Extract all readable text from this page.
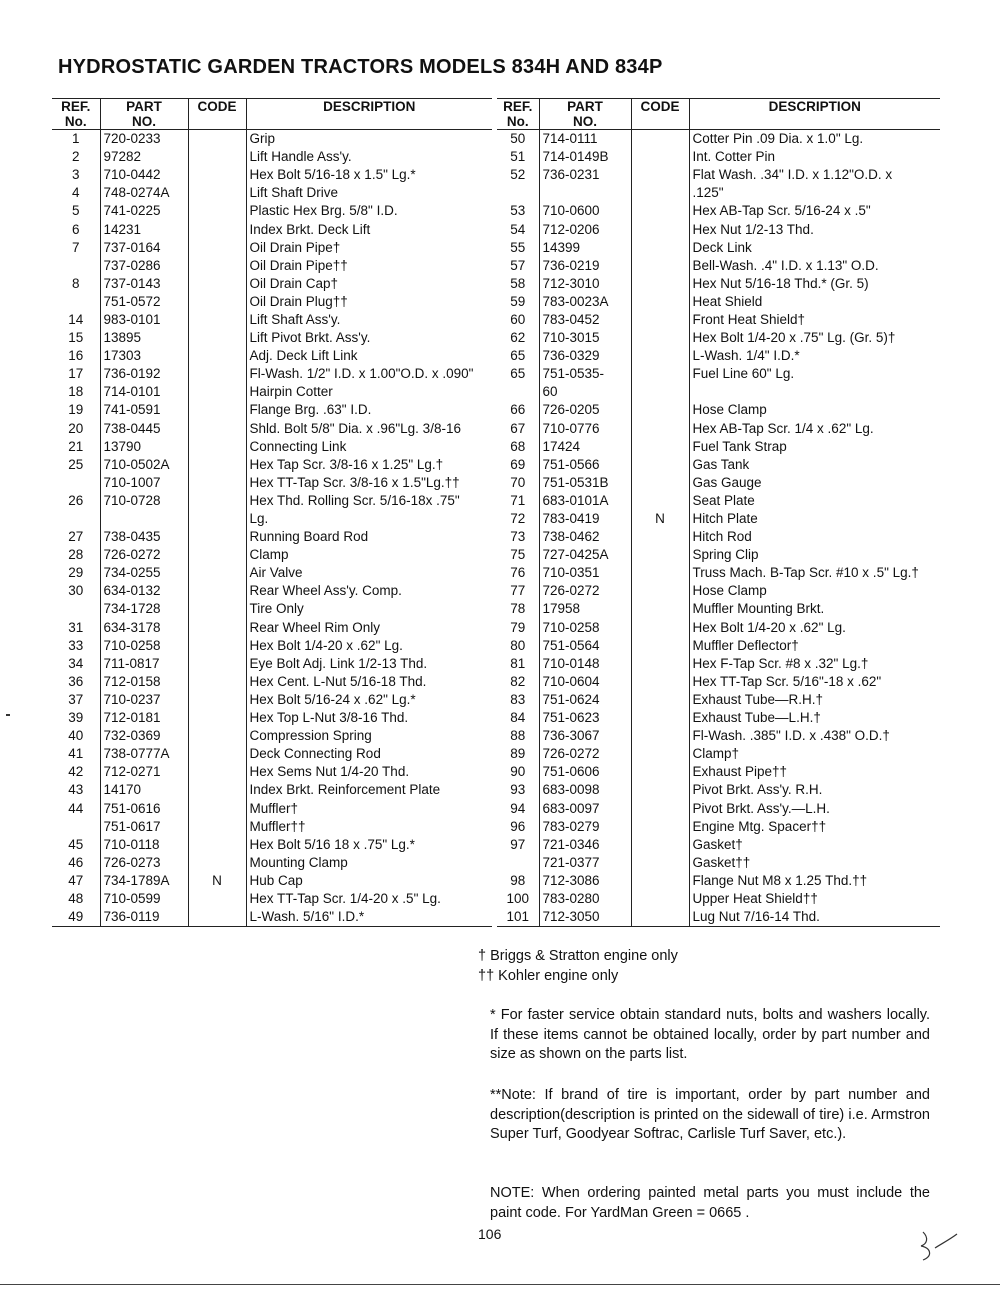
HYDROSTATIC GARDEN TRACTORS MODELS 834H AND 834P
REF.
No.	PART
NO.	CODE	DESCRIPTION
1	720-0233		Grip
2	97282		Lift Handle Ass'y.
3	710-0442		Hex Bolt 5/16-18 x 1.5" Lg.*
4	748-0274A		Lift Shaft Drive
5	741-0225		Plastic Hex Brg. 5/8" I.D.
6	14231		Index Brkt. Deck Lift
7	737-0164		Oil Drain Pipe†
	737-0286		Oil Drain Pipe††
8	737-0143		Oil Drain Cap†
	751-0572		Oil Drain Plug††
14	983-0101		Lift Shaft Ass'y.
15	13895		Lift Pivot Brkt. Ass'y.
16	17303		Adj. Deck Lift Link
17	736-0192		Fl-Wash. 1/2" I.D. x 1.00"O.D. x .090"
18	714-0101		Hairpin Cotter
19	741-0591		Flange Brg. .63" I.D.
20	738-0445		Shld. Bolt 5/8" Dia. x .96"Lg. 3/8-16
21	13790		Connecting Link
25	710-0502A		Hex Tap Scr. 3/8-16 x 1.25" Lg.†
	710-1007		Hex TT-Tap Scr. 3/8-16 x 1.5"Lg.††
26	710-0728		Hex Thd. Rolling Scr. 5/16-18x .75"
			Lg.
27	738-0435		Running Board Rod
28	726-0272		Clamp
29	734-0255		Air Valve
30	634-0132		Rear Wheel Ass'y. Comp.
	734-1728		Tire Only
31	634-3178		Rear Wheel Rim Only
33	710-0258		Hex Bolt 1/4-20 x .62" Lg.
34	711-0817		Eye Bolt Adj. Link 1/2-13 Thd.
36	712-0158		Hex Cent. L-Nut 5/16-18 Thd.
37	710-0237		Hex Bolt 5/16-24 x .62" Lg.*
39	712-0181		Hex Top L-Nut 3/8-16 Thd.
40	732-0369		Compression Spring
41	738-0777A		Deck Connecting Rod
42	712-0271		Hex Sems Nut 1/4-20 Thd.
43	14170		Index Brkt. Reinforcement Plate
44	751-0616		Muffler†
	751-0617		Muffler††
45	710-0118		Hex Bolt 5/16 18 x .75" Lg.*
46	726-0273		Mounting Clamp
47	734-1789A	N	Hub Cap
48	710-0599		Hex TT-Tap Scr. 1/4-20 x .5" Lg.
49	736-0119		L-Wash. 5/16" I.D.*
REF.
No.	PART
NO.	CODE	DESCRIPTION
50	714-0111		Cotter Pin .09 Dia. x 1.0" Lg.
51	714-0149B		Int. Cotter Pin
52	736-0231		Flat Wash. .34" I.D. x 1.12"O.D. x
			.125"
53	710-0600		Hex AB-Tap Scr. 5/16-24 x .5"
54	712-0206		Hex Nut 1/2-13 Thd.
55	14399		Deck Link
57	736-0219		Bell-Wash. .4" I.D. x 1.13" O.D.
58	712-3010		Hex Nut 5/16-18 Thd.* (Gr. 5)
59	783-0023A		Heat Shield
60	783-0452		Front Heat Shield†
62	710-3015		Hex Bolt 1/4-20 x .75" Lg. (Gr. 5)†
65	736-0329		L-Wash. 1/4" I.D.*
65	751-0535-		Fuel Line 60" Lg.
	60		
66	726-0205		Hose Clamp
67	710-0776		Hex AB-Tap Scr. 1/4 x .62" Lg.
68	17424		Fuel Tank Strap
69	751-0566		Gas Tank
70	751-0531B		Gas Gauge
71	683-0101A		Seat Plate
72	783-0419	N	Hitch Plate
73	738-0462		Hitch Rod
75	727-0425A		Spring Clip
76	710-0351		Truss Mach. B-Tap Scr. #10 x .5" Lg.†
77	726-0272		Hose Clamp
78	17958		Muffler Mounting Brkt.
79	710-0258		Hex Bolt 1/4-20 x .62" Lg.
80	751-0564		Muffler Deflector†
81	710-0148		Hex F-Tap Scr. #8 x .32" Lg.†
82	710-0604		Hex TT-Tap Scr. 5/16"-18 x .62"
83	751-0624		Exhaust Tube—R.H.†
84	751-0623		Exhaust Tube—L.H.†
88	736-3067		Fl-Wash. .385" I.D. x .438" O.D.†
89	726-0272		Clamp†
90	751-0606		Exhaust Pipe††
93	683-0098		Pivot Brkt. Ass'y. R.H.
94	683-0097		Pivot Brkt. Ass'y.—L.H.
96	783-0279		Engine Mtg. Spacer††
97	721-0346		Gasket†
	721-0377		Gasket††
98	712-3086		Flange Nut M8 x 1.25 Thd.††
100	783-0280		Upper Heat Shield††
101	712-3050		Lug Nut 7/16-14 Thd.
† Briggs & Stratton engine only
†† Kohler engine only

* For faster service obtain standard nuts, bolts and washers locally. If these items cannot be obtained locally, order by part number and size as shown on the parts list.

**Note: If brand of tire is important, order by part number and description(description is printed on the sidewall of tire) i.e. Armstron Super Turf, Goodyear Softrac, Carlisle Turf Saver, etc.).

NOTE: When ordering painted metal parts you must include the paint code. For YardMan Green = 0665 .

106
